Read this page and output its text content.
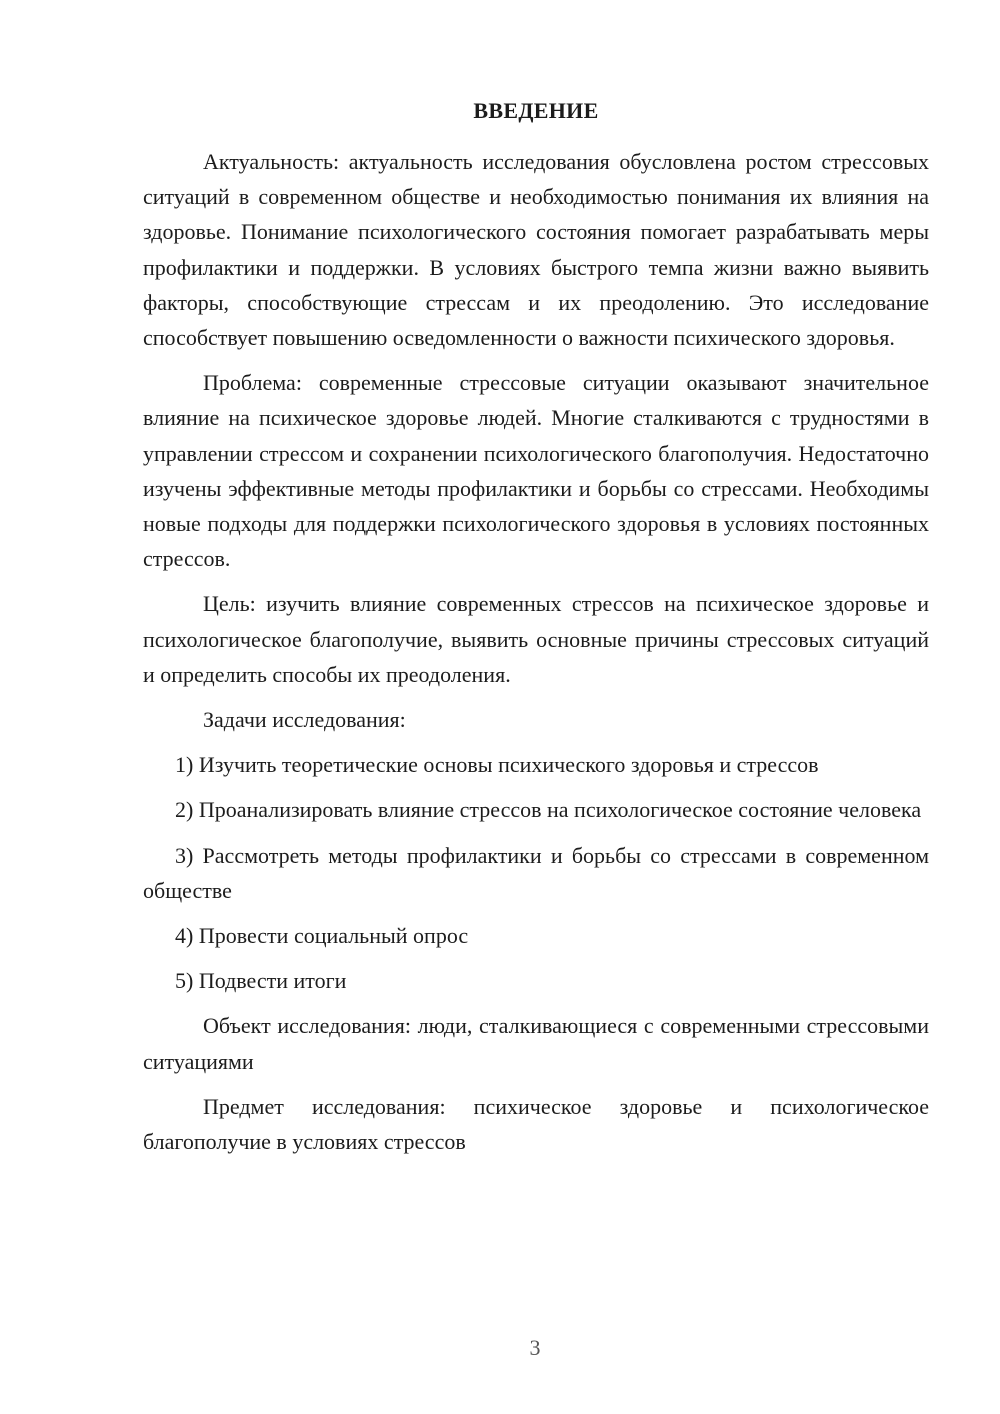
ВВЕДЕНИЕ

Актуальность: актуальность исследования обусловлена ростом стрессовых ситуаций в современном обществе и необходимостью понимания их влияния на здоровье. Понимание психологического состояния помогает разрабатывать меры профилактики и поддержки. В условиях быстрого темпа жизни важно выявить факторы, способствующие стрессам и их преодолению. Это исследование способствует повышению осведомленности о важности психического здоровья.

Проблема: современные стрессовые ситуации оказывают значительное влияние на психическое здоровье людей. Многие сталкиваются с трудностями в управлении стрессом и сохранении психологического благополучия. Недостаточно изучены эффективные методы профилактики и борьбы со стрессами. Необходимы новые подходы для поддержки психологического здоровья в условиях постоянных стрессов.

Цель: изучить влияние современных стрессов на психическое здоровье и психологическое благополучие, выявить основные причины стрессовых ситуаций и определить способы их преодоления.

Задачи исследования:

1) Изучить теоретические основы психического здоровья и стрессов

2) Проанализировать влияние стрессов на психологическое состояние человека

3) Рассмотреть методы профилактики и борьбы со стрессами в современном обществе

4) Провести социальный опрос

5) Подвести итоги

Объект исследования: люди, сталкивающиеся с современными стрессовыми ситуациями

Предмет исследования: психическое здоровье и психологическое благополучие в условиях стрессов

3
